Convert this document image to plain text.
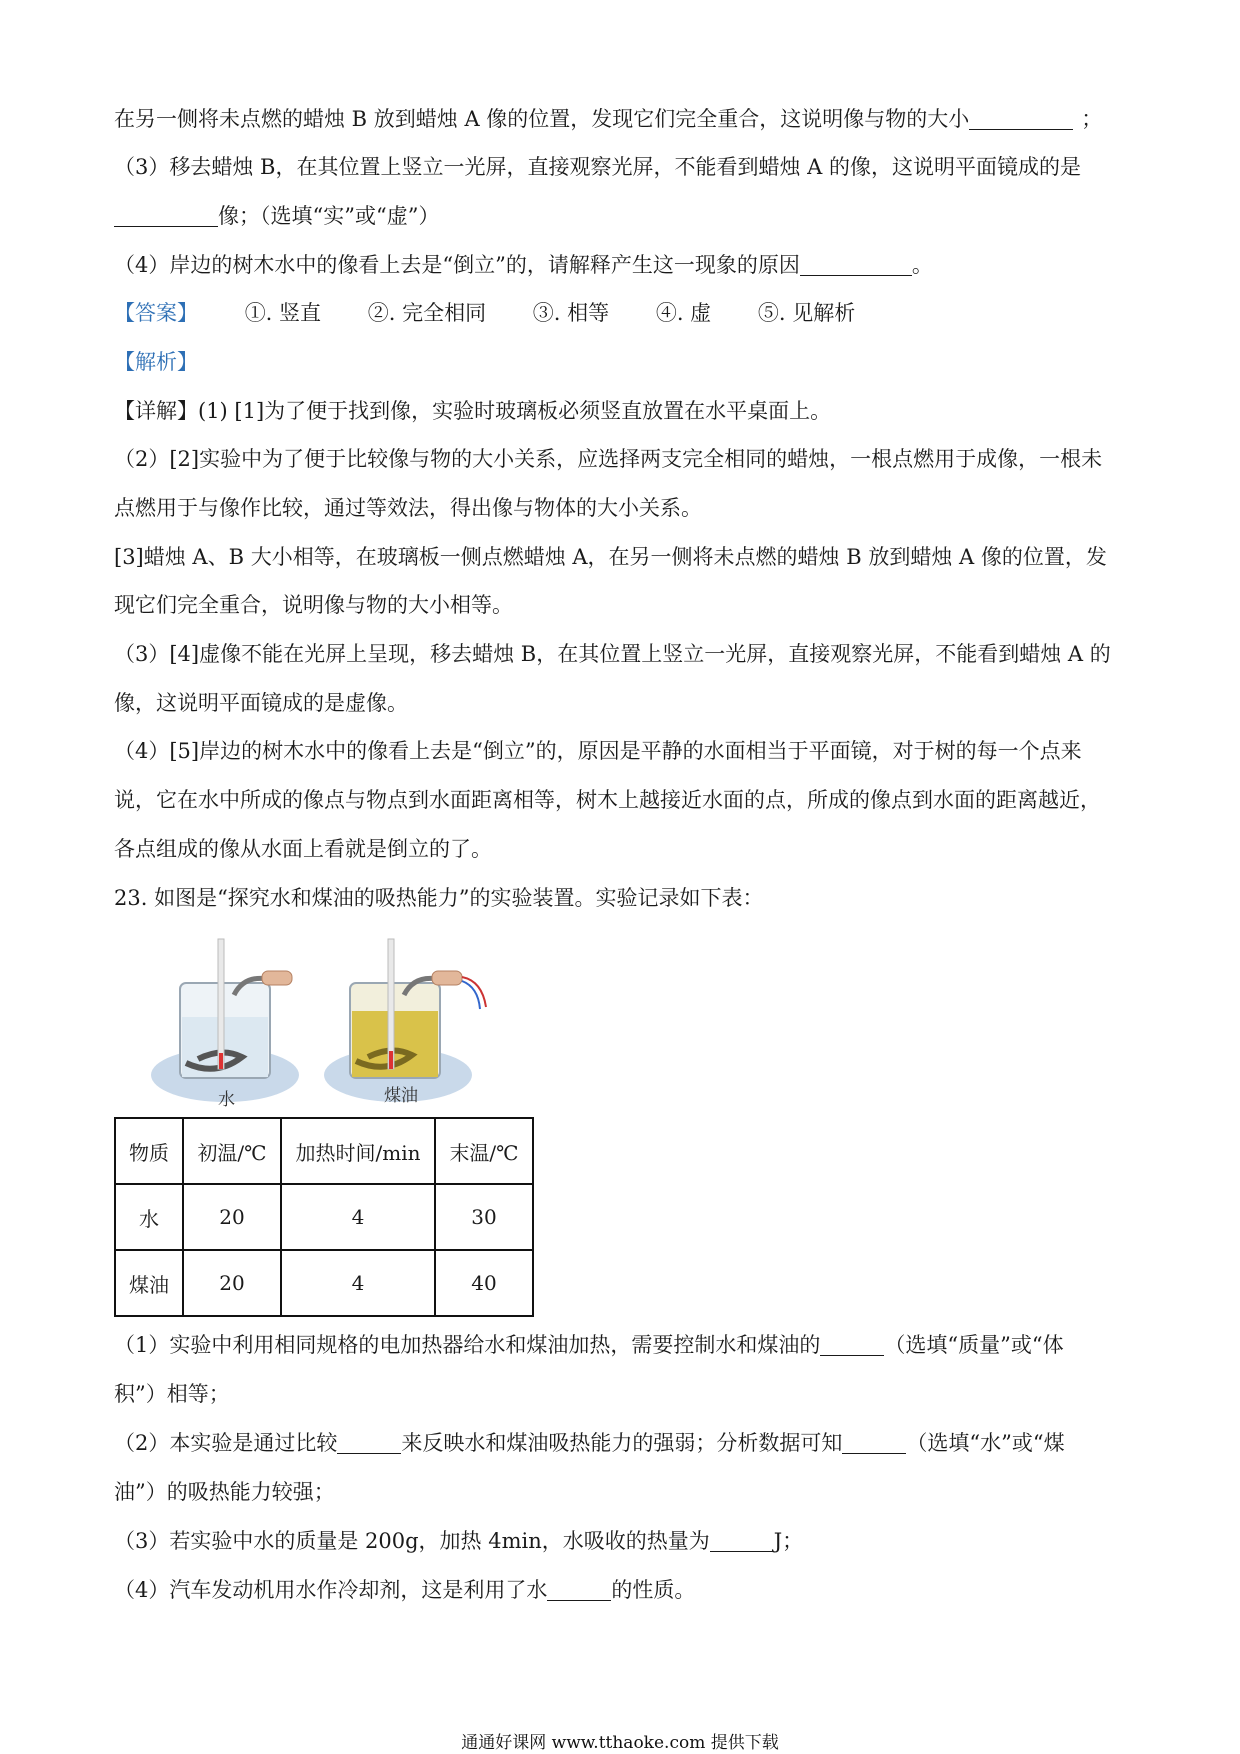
在另一侧将未点燃的蜡烛 B 放到蜡烛 A 像的位置，发现它们完全重合，这说明像与物的大小	；
（3）移去蜡烛 B，在其位置上竖立一光屏，直接观察光屏，不能看到蜡烛 A 的像，这说明平面镜成的是
像；（选填“实”或“虚”）
（4）岸边的树木水中的像看上去是“倒立”的，请解释产生这一现象的原因	。
【答案】 ①. 竖直 ②. 完全相同 ③. 相等 ④. 虚 ⑤. 见解析
【解析】
【详解】(1) [1]为了便于找到像，实验时玻璃板必须竖直放置在水平桌面上。
（2）[2]实验中为了便于比较像与物的大小关系，应选择两支完全相同的蜡烛，一根点燃用于成像，一根未
点燃用于与像作比较，通过等效法，得出像与物体的大小关系。
[3]蜡烛 A、B 大小相等，在玻璃板一侧点燃蜡烛 A，在另一侧将未点燃的蜡烛 B 放到蜡烛 A 像的位置，发
现它们完全重合，说明像与物的大小相等。
（3）[4]虚像不能在光屏上呈现，移去蜡烛 B，在其位置上竖立一光屏，直接观察光屏，不能看到蜡烛 A 的
像，这说明平面镜成的是虚像。
（4）[5]岸边的树木水中的像看上去是“倒立”的，原因是平静的水面相当于平面镜，对于树的每一个点来
说，它在水中所成的像点与物点到水面距离相等，树木上越接近水面的点，所成的像点到水面的距离越近，
各点组成的像从水面上看就是倒立的了。
23. 如图是“探究水和煤油的吸热能力”的实验装置。实验记录如下表：
水	煤油
物质	初温/℃	加热时间/min	末温/℃
水	20	4	30
煤油	20	4	40
（1）实验中利用相同规格的电加热器给水和煤油加热，需要控制水和煤油的	（选填“质量”或“体
积”）相等；
（2）本实验是通过比较	来反映水和煤油吸热能力的强弱；分析数据可知	（选填“水”或“煤
油”）的吸热能力较强；
（3）若实验中水的质量是 200g，加热 4min，水吸收的热量为	J；
（4）汽车发动机用水作冷却剂，这是利用了水	的性质。
通通好课网 www.tthaoke.com 提供下载
